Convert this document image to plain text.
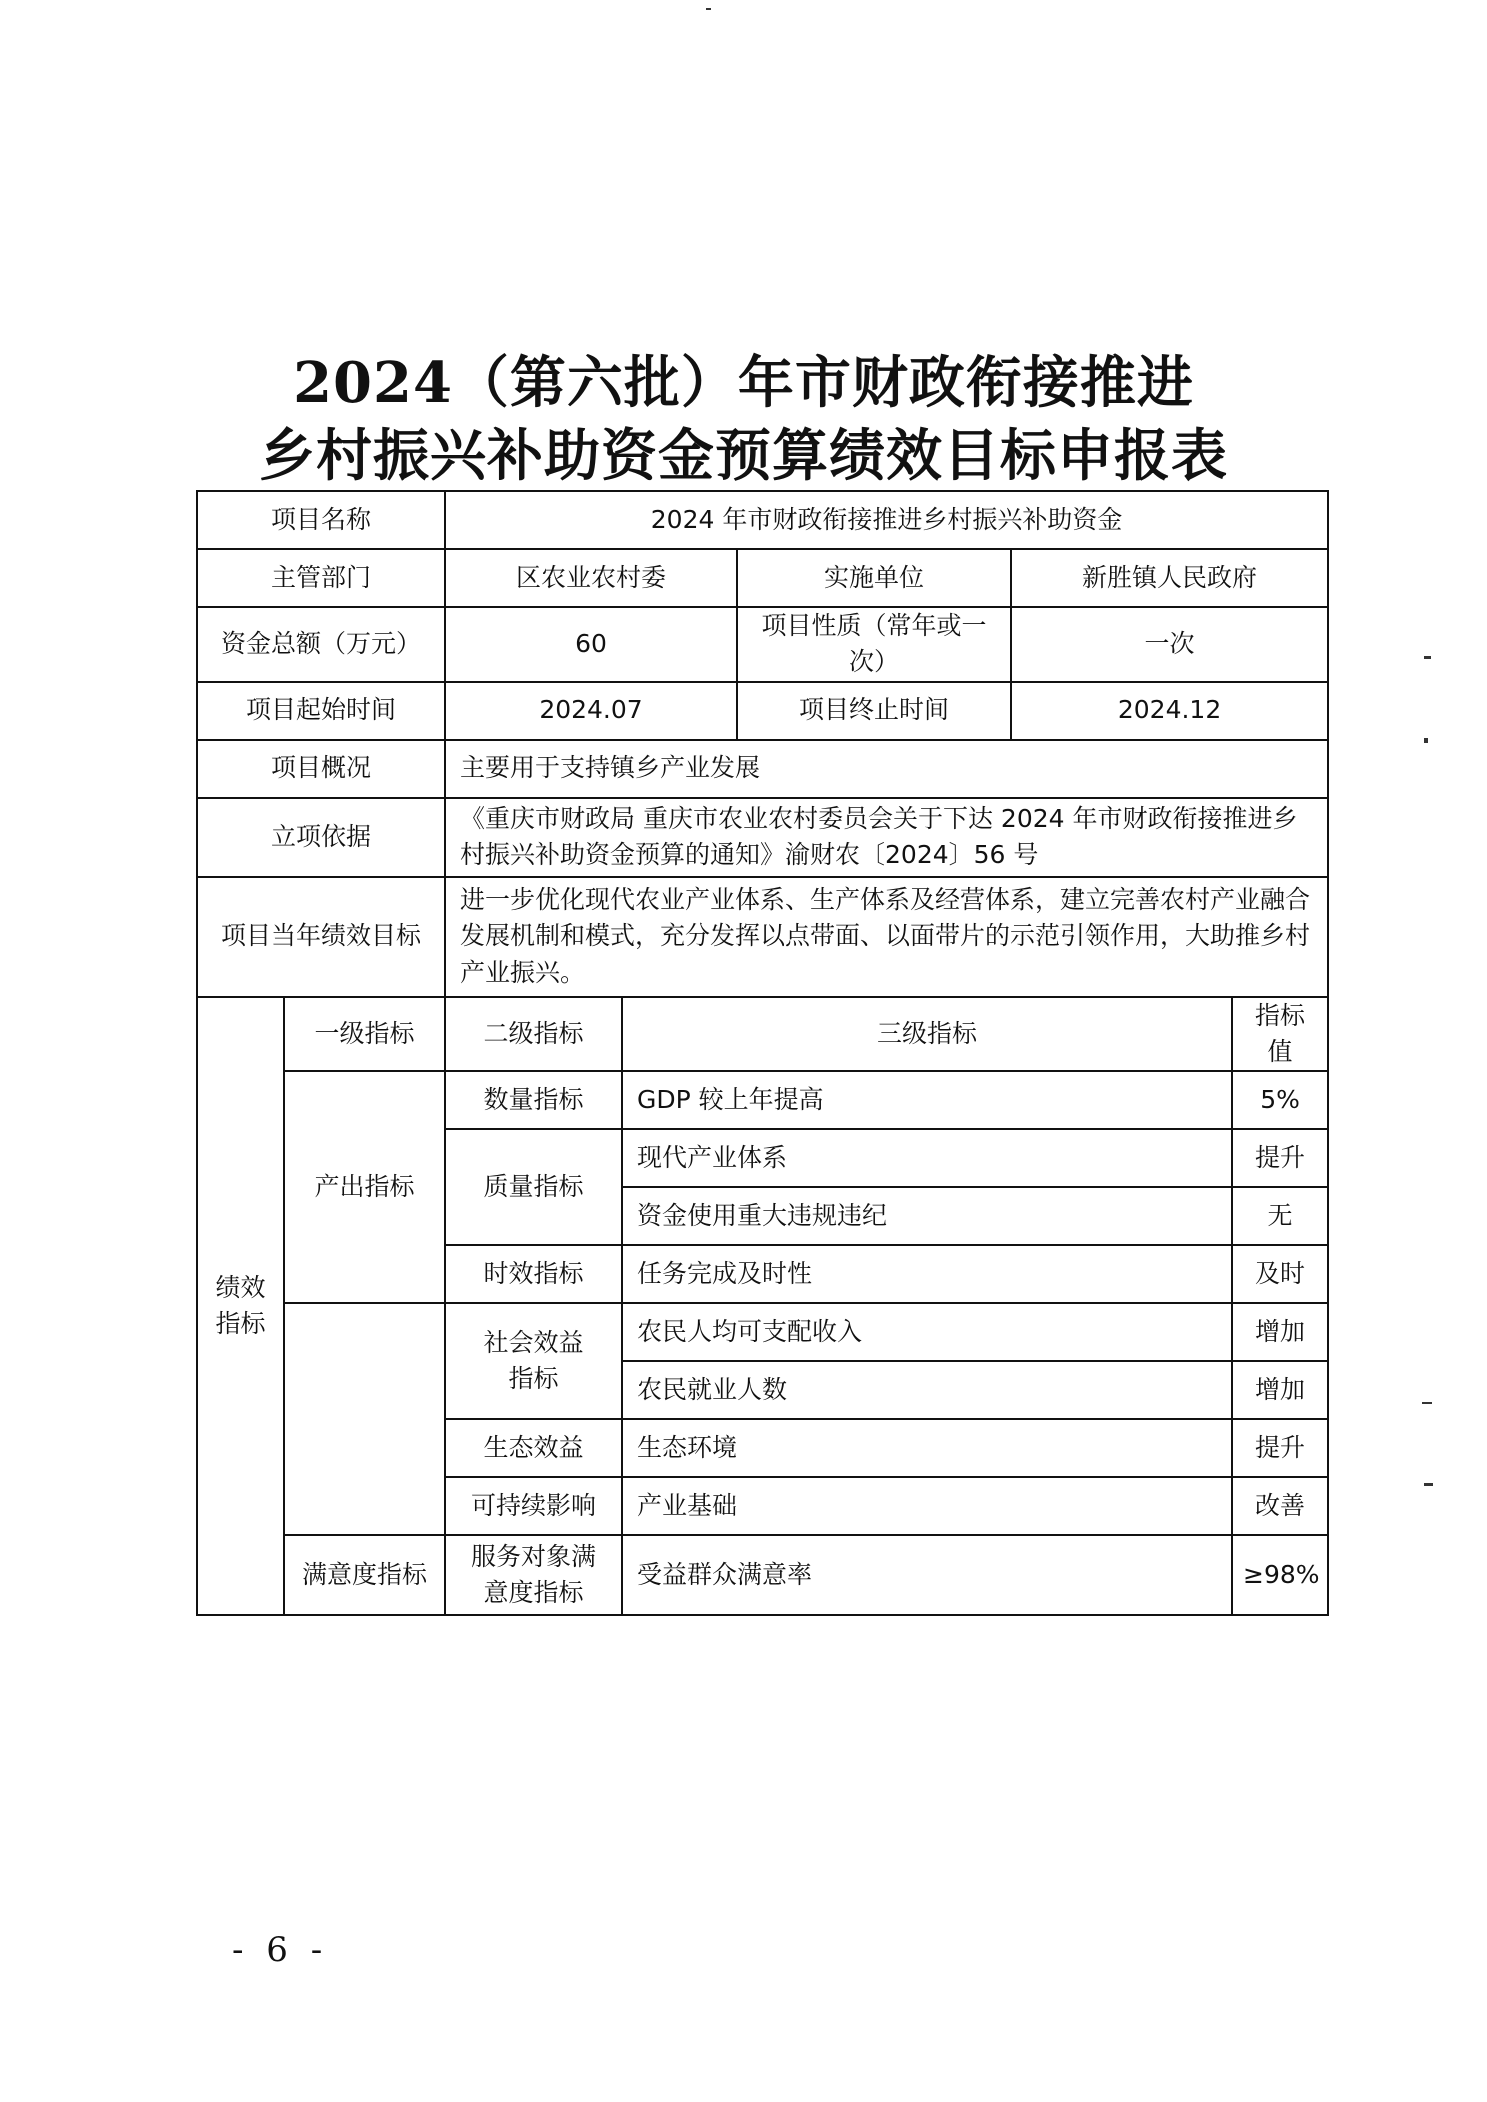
2024（第六批）年市财政衔接推进
乡村振兴补助资金预算绩效目标申报表
项目名称		2024 年市财政衔接推进乡村振兴补助资金				
主管部门		区农业农村委		实施单位	新胜镇人民政府	
资金总额（万元）		60		项目性质（常年或一次）	一次	
项目起始时间		2024.07		项目终止时间	2024.12	
项目概况		主要用于支持镇乡产业发展				
立项依据		《重庆市财政局 重庆市农业农村委员会关于下达 2024 年市财政衔接推进乡村振兴补助资金预算的通知》渝财农〔2024〕56 号				
项目当年绩效目标		进一步优化现代农业产业体系、生产体系及经营体系，建立完善农村产业融合发展机制和模式，充分发挥以点带面、以面带片的示范引领作用，大助推乡村产业振兴。				
绩效指标	一级指标	二级指标	三级指标			指标值
	产出指标	数量指标	GDP 较上年提高			5%
		质量指标	现代产业体系			提升
			资金使用重大违规违纪			无
		时效指标	任务完成及时性			及时
		社会效益指标	农民人均可支配收入			增加
			农民就业人数			增加
		生态效益	生态环境			提升
		可持续影响	产业基础			改善
	满意度指标	服务对象满意度指标	受益群众满意率			≥98%
- 6 -
